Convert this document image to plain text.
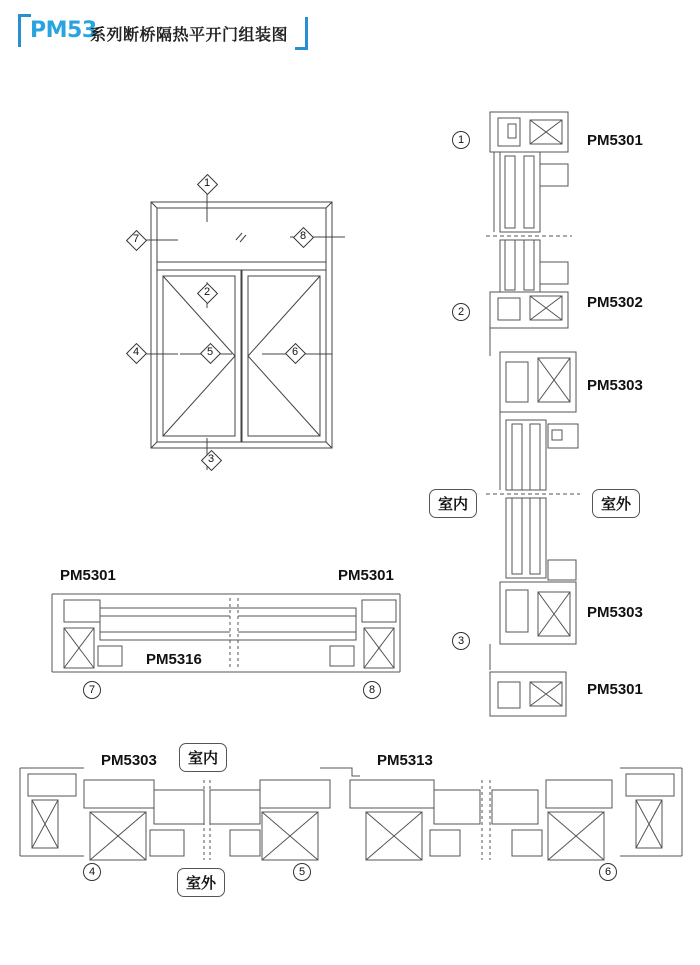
PM53
系列断桥隔热平开门组装图
1
2
3
4	5	6
7	8
1
2
3
PM5301
PM5302
PM5303
PM5303
PM5301
室内	室外
PM5301	PM5301
PM5316
7	8
PM5303	PM5313
室内
室外
4	5	6
